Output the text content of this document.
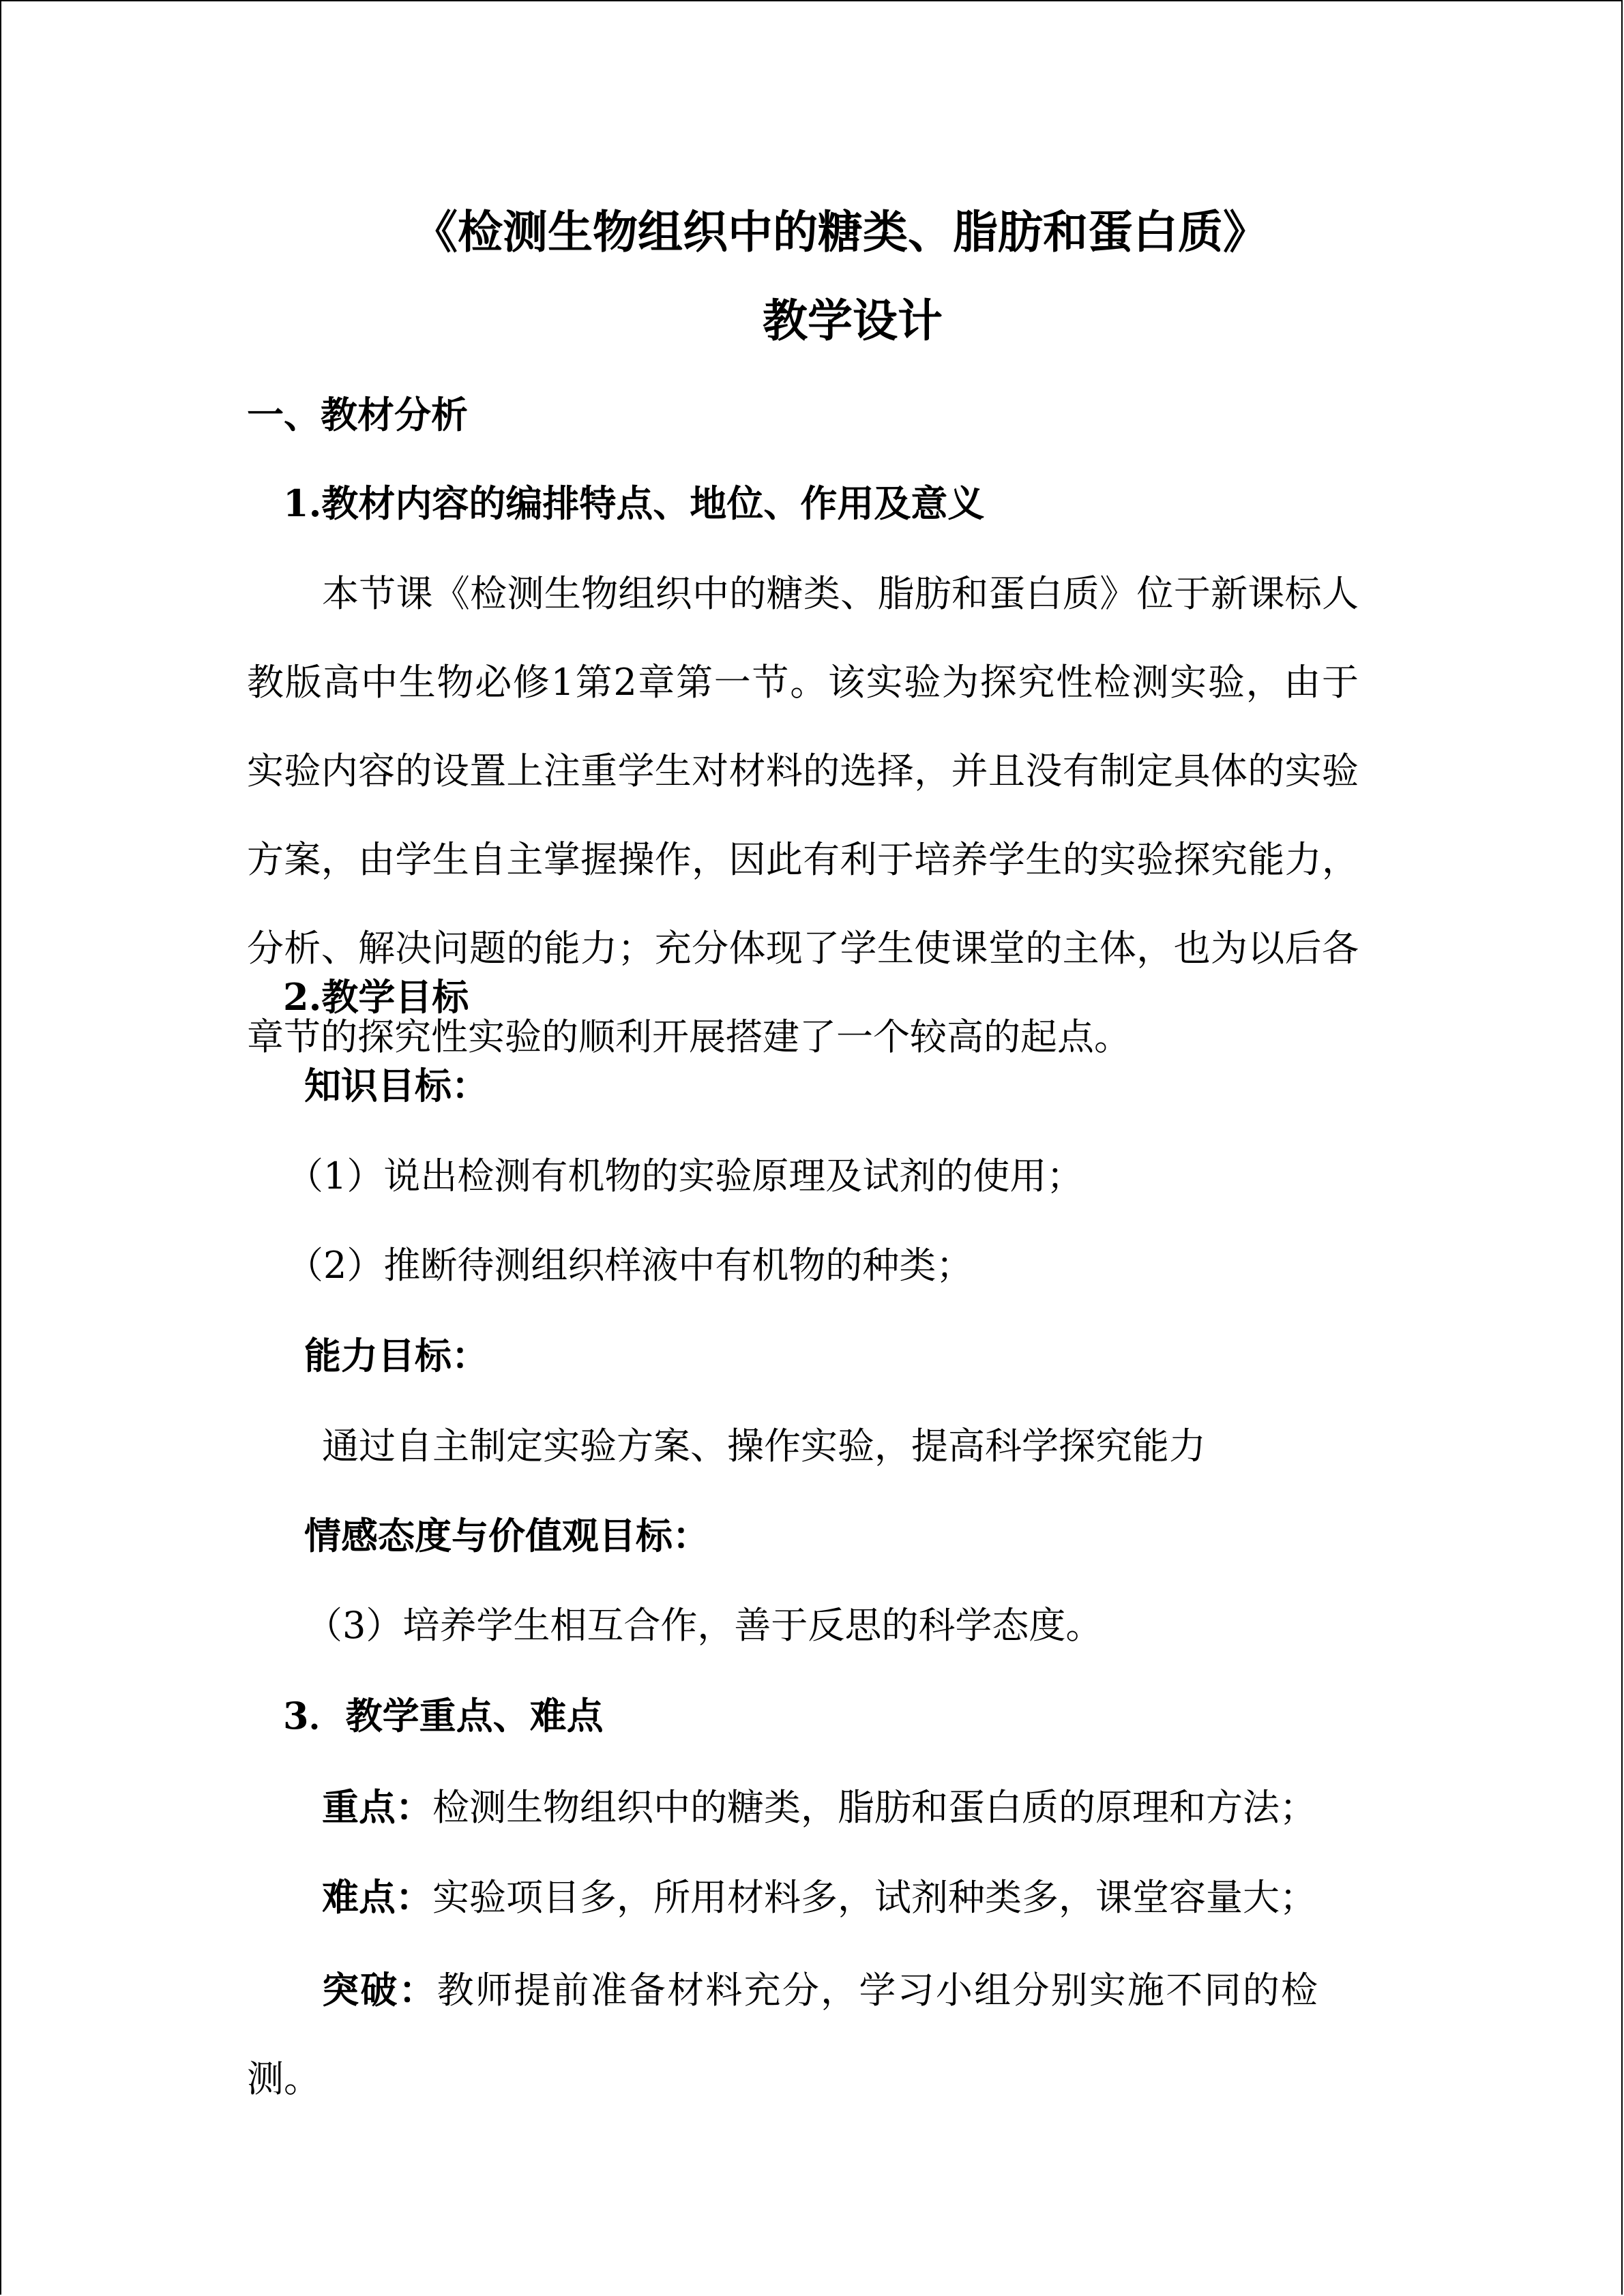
《检测生物组织中的糖类、脂肪和蛋白质》
教学设计
一、教材分析
1.教材内容的编排特点、地位、作用及意义
本节课《检测生物组织中的糖类、脂肪和蛋白质》位于新课标人教版高中生物必修1第2章第一节。该实验为探究性检测实验，由于实验内容的设置上注重学生对材料的选择，并且没有制定具体的实验方案，由学生自主掌握操作，因此有利于培养学生的实验探究能力，分析、解决问题的能力；充分体现了学生使课堂的主体，也为以后各章节的探究性实验的顺利开展搭建了一个较高的起点。
2.教学目标
知识目标：
（1）说出检测有机物的实验原理及试剂的使用；
（2）推断待测组织样液中有机物的种类；
能力目标：
通过自主制定实验方案、操作实验，提高科学探究能力
情感态度与价值观目标：
（3）培养学生相互合作，善于反思的科学态度。
3．教学重点、难点
重点：检测生物组织中的糖类，脂肪和蛋白质的原理和方法；
难点：实验项目多，所用材料多，试剂种类多，课堂容量大；
突破：教师提前准备材料充分，学习小组分别实施不同的检测。
